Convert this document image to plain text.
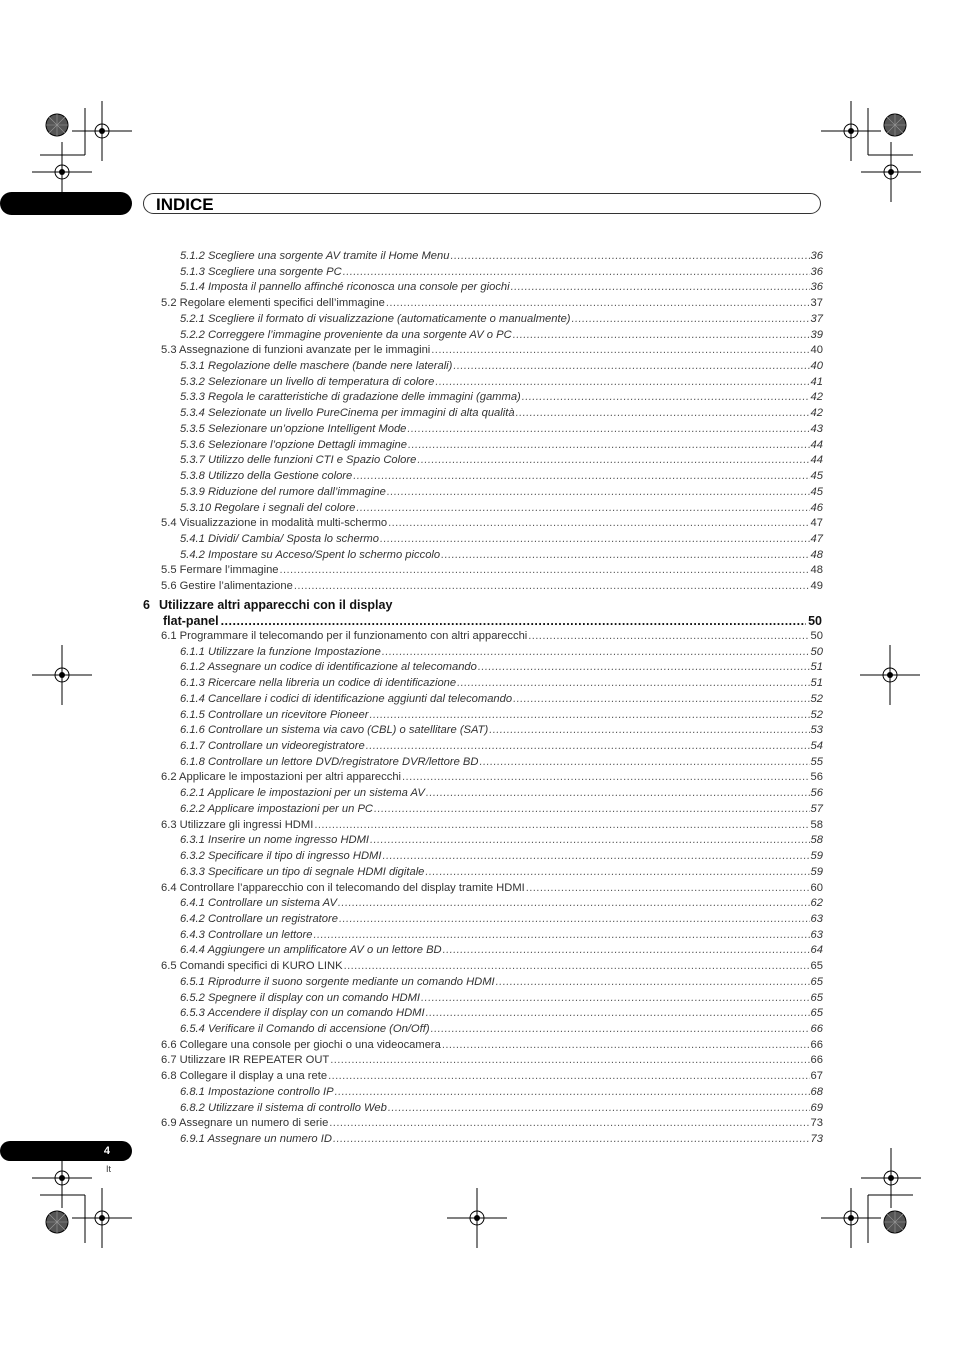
INDICE
5.1.2 Scegliere una sorgente AV tramite il Home Menu .....	36
5.1.3 Scegliere una sorgente PC .....	36
5.1.4 Imposta il pannello affinché riconosca una console per giochi .....	36
5.2 Regolare elementi specifici dell’immagine .....	37
5.2.1 Scegliere il formato di visualizzazione (automaticamente o manualmente) .....	37
5.2.2 Correggere l’immagine proveniente da una sorgente AV o PC .....	39
5.3 Assegnazione di funzioni avanzate per le immagini .....	40
5.3.1 Regolazione delle maschere (bande nere laterali) .....	40
5.3.2 Selezionare un livello di temperatura di colore .....	41
5.3.3 Regola le caratteristiche di gradazione delle immagini (gamma) .....	42
5.3.4 Selezionate un livello PureCinema per immagini di alta qualità .....	42
5.3.5 Selezionare un’opzione Intelligent Mode .....	43
5.3.6 Selezionare l’opzione Dettagli immagine .....	44
5.3.7 Utilizzo delle funzioni CTI e Spazio Colore .....	44
5.3.8 Utilizzo della Gestione colore .....	45
5.3.9 Riduzione del rumore dall’immagine .....	45
5.3.10 Regolare i segnali del colore .....	46
5.4 Visualizzazione in modalità multi-schermo .....	47
5.4.1 Dividi/ Cambia/ Sposta lo schermo .....	47
5.4.2 Impostare su Acceso/Spent lo schermo piccolo .....	48
5.5 Fermare l’immagine .....	48
5.6 Gestire l’alimentazione .....	49
6 Utilizzare altri apparecchi con il display
flat-panel .....	50
6.1 Programmare il telecomando per il funzionamento con altri apparecchi .....	50
6.1.1 Utilizzare la funzione Impostazione .....	50
6.1.2 Assegnare un codice di identificazione al telecomando .....	51
6.1.3 Ricercare nella libreria un codice di identificazione .....	51
6.1.4 Cancellare i codici di identificazione aggiunti dal telecomando .....	52
6.1.5 Controllare un ricevitore Pioneer .....	52
6.1.6 Controllare un sistema via cavo (CBL) o satellitare (SAT) .....	53
6.1.7 Controllare un videoregistratore .....	54
6.1.8 Controllare un lettore DVD/registratore DVR/lettore BD .....	55
6.2 Applicare le impostazioni per altri apparecchi .....	56
6.2.1 Applicare le impostazioni per un sistema AV .....	56
6.2.2 Applicare impostazioni per un PC .....	57
6.3 Utilizzare gli ingressi HDMI .....	58
6.3.1 Inserire un nome ingresso HDMI .....	58
6.3.2 Specificare il tipo di ingresso HDMI .....	59
6.3.3 Specificare un tipo di segnale HDMI digitale .....	59
6.4 Controllare l’apparecchio con il telecomando del display tramite HDMI .....	60
6.4.1 Controllare un sistema AV .....	62
6.4.2 Controllare un registratore .....	63
6.4.3 Controllare un lettore .....	63
6.4.4 Aggiungere un amplificatore AV o un lettore BD .....	64
6.5 Comandi specifici di KURO LINK .....	65
6.5.1 Riprodurre il suono sorgente mediante un comando HDMI .....	65
6.5.2 Spegnere il display con un comando HDMI .....	65
6.5.3 Accendere il display con un comando HDMI .....	65
6.5.4 Verificare il Comando di accensione (On/Off) .....	66
6.6 Collegare una console per giochi o una videocamera .....	66
6.7 Utilizzare IR REPEATER OUT .....	66
6.8 Collegare il display a una rete .....	67
6.8.1 Impostazione controllo IP .....	68
6.8.2 Utilizzare il sistema di controllo Web .....	69
6.9 Assegnare un numero di serie .....	73
6.9.1 Assegnare un numero ID .....	73
4
It
